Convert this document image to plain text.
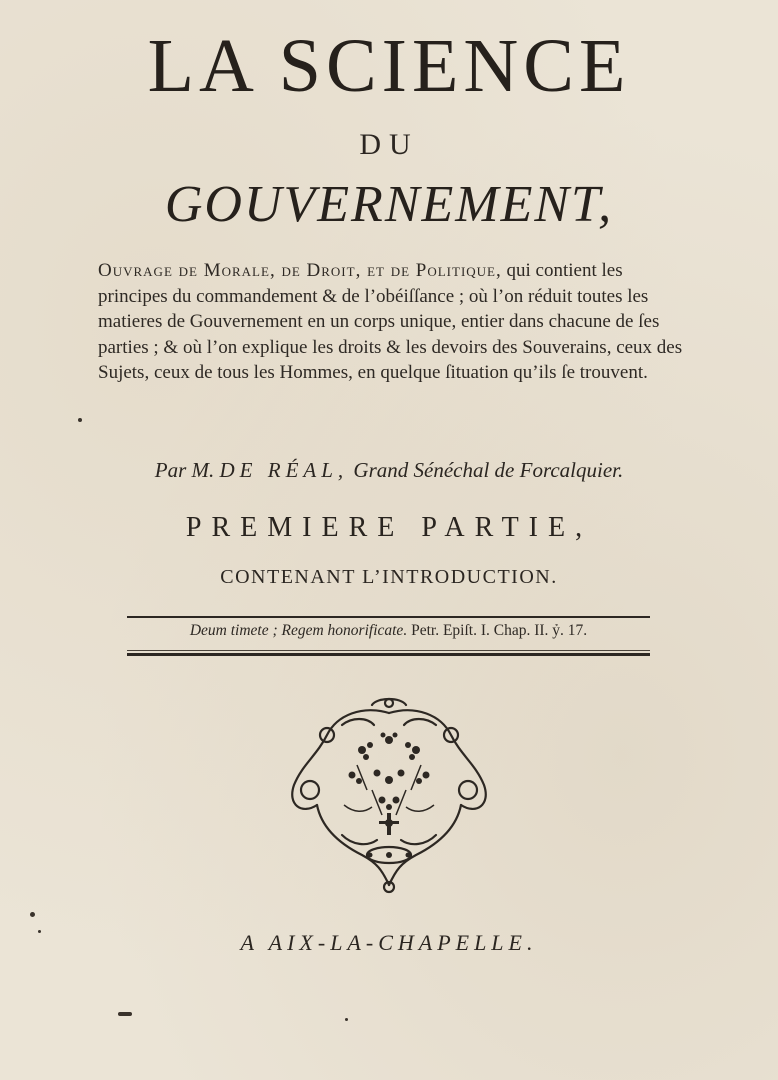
LA SCIENCE
DU
GOUVERNEMENT,
Ouvrage de Morale, de Droit, et de Politique, qui contient les principes du commandement & de l’obéiſſance ; où l’on réduit toutes les matieres de Gouvernement en un corps unique, entier dans chacune de ſes parties ; & où l’on explique les droits & les devoirs des Souverains, ceux des Sujets, ceux de tous les Hommes, en quelque ſituation qu’ils ſe trouvent.
Par M. DE RÉAL, Grand Sénéchal de Forcalquier.
PREMIERE PARTIE,
CONTENANT L’INTRODUCTION.
Deum timete ; Regem honorificate. Petr. Epiſt. I. Chap. II. ỷ. 17.
A AIX-LA-CHAPELLE.
